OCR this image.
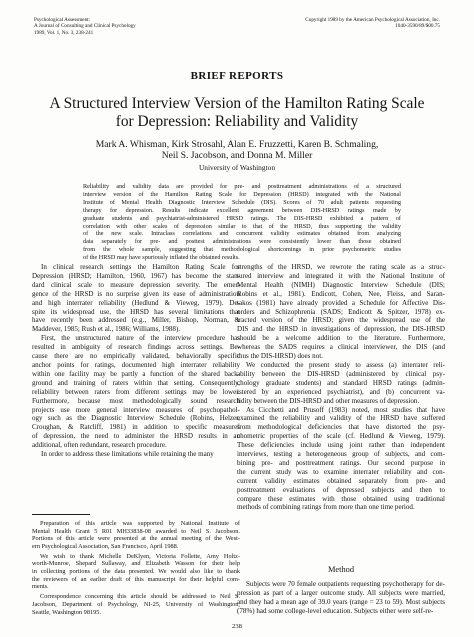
Psychological Assessment:
A Journal of Consulting and Clinical Psychology
1989, Vol. 1, No. 3, 238-241
Copyright 1989 by the American Psychological Association, Inc.
1040-3590/89/$00.75
BRIEF REPORTS
A Structured Interview Version of the Hamilton Rating Scale
for Depression: Reliability and Validity
Mark A. Whisman, Kirk Strosahl, Alan E. Fruzzetti, Karen B. Schmaling,
Neil S. Jacobson, and Donna M. Miller
University of Washington
Reliability and validity data are provided for pre- and posttreatment administrations of a structured
interview version of the Hamilton Rating Scale for Depression (HRSD) integrated with the National
Institute of Mental Health Diagnostic Interview Schedule (DIS). Scores of 70 adult patients requesting
therapy for depression. Results indicate excellent agreement between DIS-HRSD ratings made by
graduate students and psychiatrist-administered HRSD ratings. The DIS-HRSD exhibited a pattern of
correlation with other scales of depression similar to that of the HRSD, thus supporting the validity
of the new scale. Intraclass correlations and concurrent validity estimates obtained from analyzing
data separately for pre- and posttest administrations were consistently lower than those obtained
from the whole sample, suggesting that methodological shortcomings in prior psychometric studies
of the HRSD may have spuriously inflated the obtained results.
In clinical research settings the Hamilton Rating Scale for
Depression (HRSD; Hamilton, 1960, 1967) has become the stan-
dard clinical scale to measure depression severity. The emer-
gence of the HRSD is no surprise given its ease of administration
and high interrater reliability (Hedlund & Vieweg, 1979). De-
spite its widespread use, the HRSD has several limitations that
have recently been addressed (e.g., Miller, Bishop, Norman, &
Maddever, 1985; Rush et al., 1986; Williams, 1988).
First, the unstructured nature of the interview procedure has
resulted in ambiguity of research findings across settings. Be-
cause there are no empirically validated, behaviorally specific
anchor points for ratings, documented high interrater reliability
within one facility may be partly a function of the shared back-
ground and training of raters within that setting. Consequently,
reliability between raters from different settings may be lower.
Furthermore, because most methodologically sound research
projects use more general interview measures of psychopathol-
ogy such as the Diagnostic Interview Schedule (Robins, Helzer,
Croughan, & Ratcliff, 1981) in addition to specific measures
of depression, the need to administer the HRSD results in an
additional, often redundant, research procedure.
In order to address these limitations while retaining the many
strengths of the HRSD, we rewrote the rating scale as a struc-
tured interview and integrated it with the National Institute of
Mental Health (NIMH) Diagnostic Interview Schedule (DIS;
Robins et al., 1981). Endicott, Cohen, Nee, Fleiss, and Saran-
takos (1981) have already provided a Schedule for Affective Dis-
orders and Schizophrenia (SADS; Endicott & Spitzer, 1978) ex-
tracted version of the HRSD; given the widespread use of the
DIS and the HRSD in investigations of depression, the DIS-HRSD
should be a welcome addition to the literature. Furthermore,
whereas the SADS requires a clinical interviewer, the DIS (and
thus the DIS-HRSD) does not.
We conducted the present study to assess (a) interrater reli-
ability between the DIS-HRSD (administered by clinical psy-
chology graduate students) and standard HRSD ratings (admin-
istered by an experienced psychiatrist), and (b) concurrent va-
lidity between the DIS-HRSD and other measures of depression.
As Cicchetti and Prusoff (1983) noted, most studies that have
examined the reliability and validity of the HRSD have suffered
from methodological deficiencies that have distorted the psy-
chometric properties of the scale (cf. Hedlund & Vieweg, 1979).
These deficiencies include using joint rather than independent
interviews, testing a heterogeneous group of subjects, and com-
bining pre- and posttreatment ratings. Our second purpose in
the current study was to examine interrater reliability and con-
current validity estimates obtained separately from pre- and
posttreatment evaluations of depressed subjects and then to
compare these estimates with those obtained using traditional
methods of combining ratings from more than one time period.
Preparation of this article was supported by National Institute of
Mental Health Grant 5 R01 MH33838-08 awarded to Neil S. Jacobson.
Portions of this article were presented at the annual meeting of the West-
ern Psychological Association, San Francisco, April 1988.
We wish to thank Michelle DeKlyen, Victoria Follette, Amy Holtz-
worth-Munroe, Shepard Sullaway, and Elizabeth Wasson for their help
in collecting portions of the data presented. We would also like to thank
the reviewers of an earlier draft of this manuscript for their helpful com-
ments.
Correspondence concerning this article should be addressed to Neil S.
Jacobson, Department of Psychology, NI-25, University of Washington,
Seattle, Washington 98195.
Method
Subjects were 70 female outpatients requesting psychotherapy for de-
pression as part of a larger outcome study. All subjects were married,
and they had a mean age of 39.0 years (range = 23 to 59). Most subjects
(78%) had some college-level education. Subjects either were self-re-
238
